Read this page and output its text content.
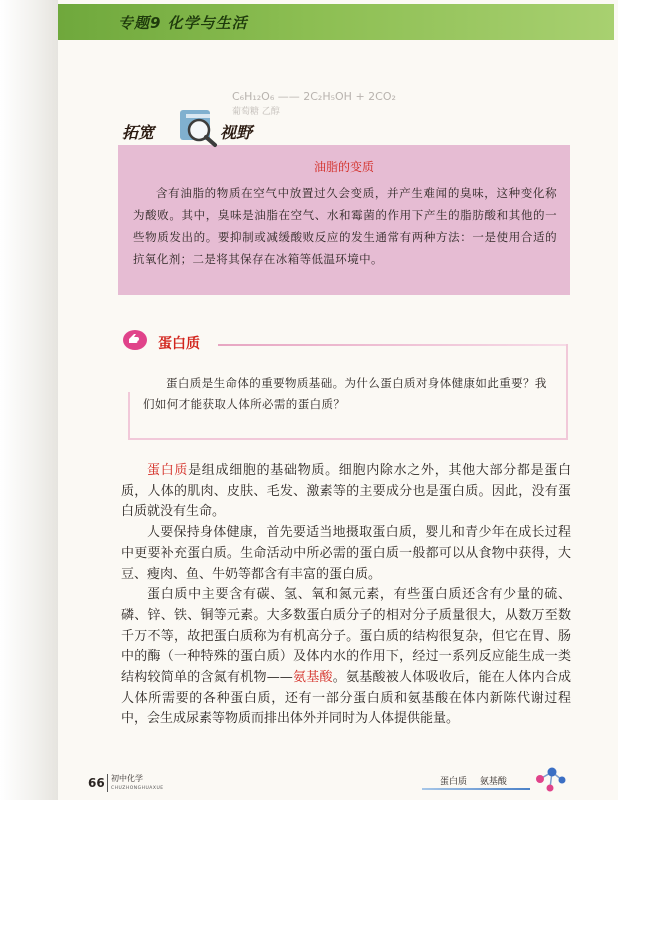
专题9 化学与生活
C₆H₁₂O₆ —— 2C₂H₅OH + 2CO₂
葡萄糖 乙醇
拓宽	视野
油脂的变质
含有油脂的物质在空气中放置过久会变质，并产生难闻的臭味，这种变化称为酸败。其中，臭味是油脂在空气、水和霉菌的作用下产生的脂肪酸和其他的一些物质发出的。要抑制或减缓酸败反应的发生通常有两种方法：一是使用合适的抗氧化剂；二是将其保存在冰箱等低温环境中。
蛋白质
蛋白质是生命体的重要物质基础。为什么蛋白质对身体健康如此重要？我们如何才能获取人体所必需的蛋白质？

蛋白质是组成细胞的基础物质。细胞内除水之外，其他大部分都是蛋白质，人体的肌肉、皮肤、毛发、激素等的主要成分也是蛋白质。因此，没有蛋白质就没有生命。

人要保持身体健康，首先要适当地摄取蛋白质，婴儿和青少年在成长过程中更要补充蛋白质。生命活动中所必需的蛋白质一般都可以从食物中获得，大豆、瘦肉、鱼、牛奶等都含有丰富的蛋白质。

蛋白质中主要含有碳、氢、氧和氮元素，有些蛋白质还含有少量的硫、磷、锌、铁、铜等元素。大多数蛋白质分子的相对分子质量很大，从数万至数千万不等，故把蛋白质称为有机高分子。蛋白质的结构很复杂，但它在胃、肠中的酶（一种特殊的蛋白质）及体内水的作用下，经过一系列反应能生成一类结构较简单的含氮有机物——氨基酸。氨基酸被人体吸收后，能在人体内合成人体所需要的各种蛋白质，还有一部分蛋白质和氨基酸在体内新陈代谢过程中，会生成尿素等物质而排出体外并同时为人体提供能量。

66 初中化学
CHUZHONGHUAXUE
蛋白质 氨基酸
